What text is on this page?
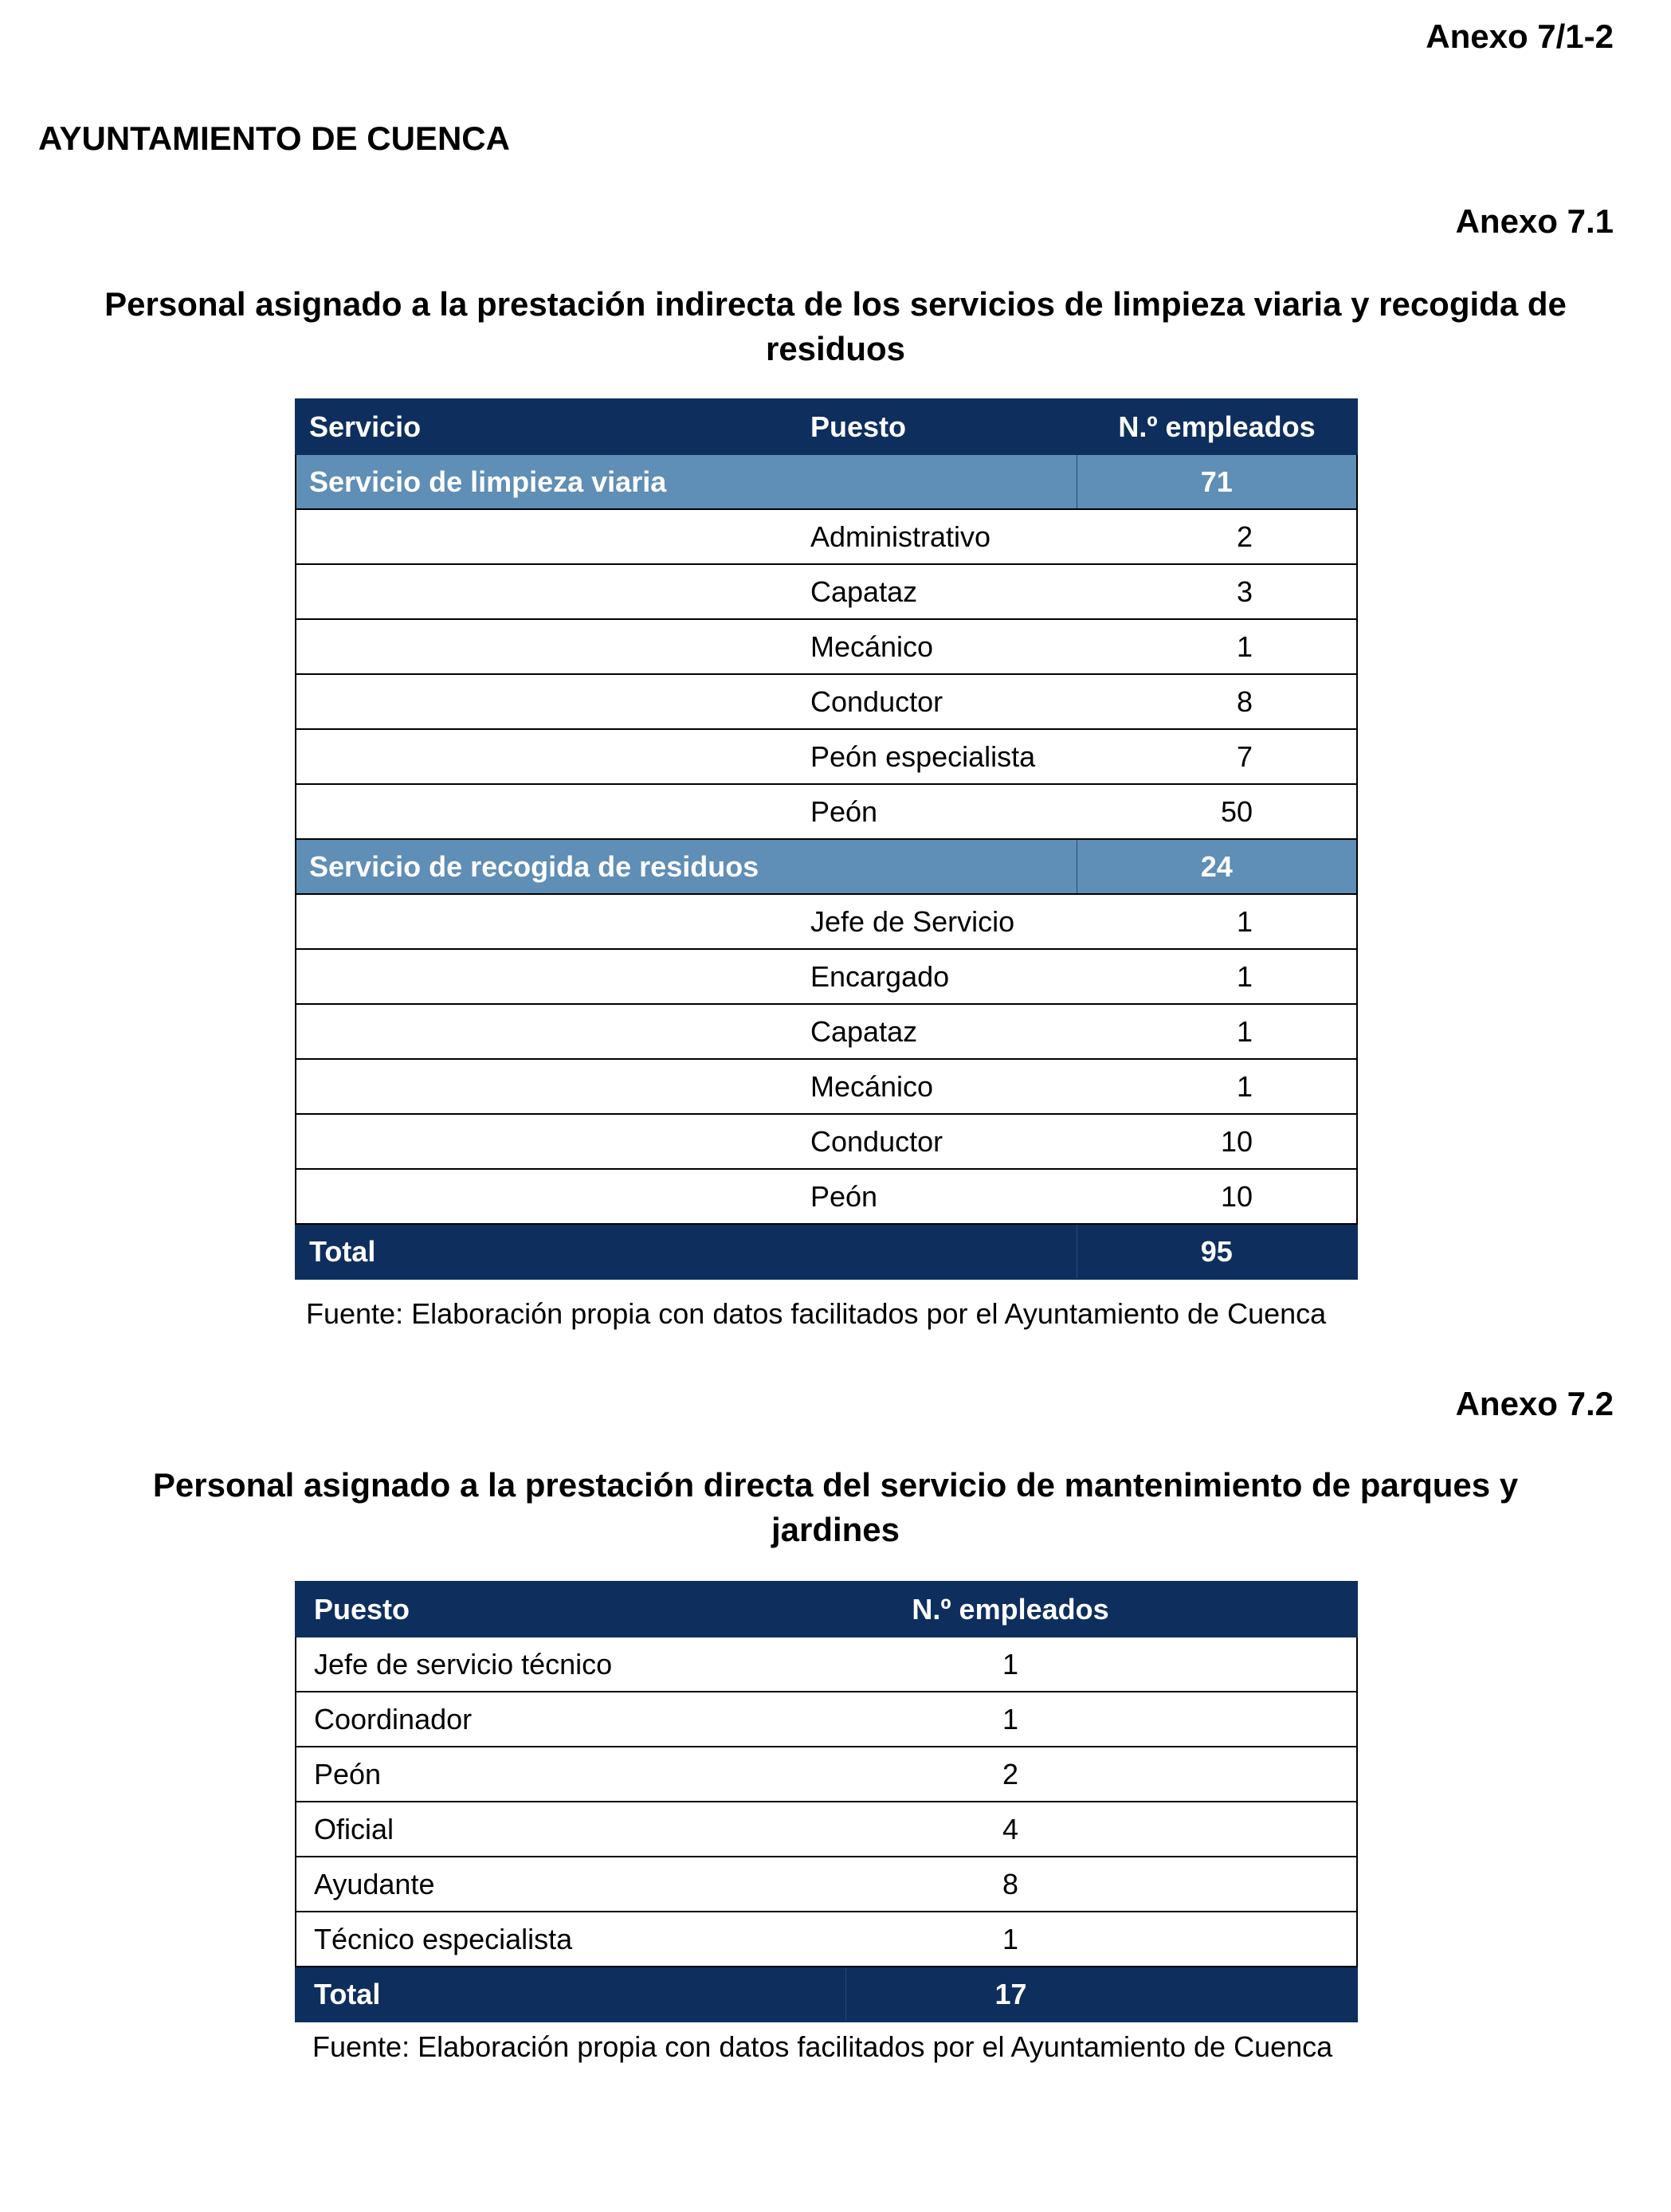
Anexo 7/1-2
AYUNTAMIENTO DE CUENCA
Anexo 7.1
Personal asignado a la prestación indirecta de los servicios de limpieza viaria y recogida de
residuos
Servicio	Puesto	N.º empleados
Servicio de limpieza viaria		71
	Administrativo	2
	Capataz	3
	Mecánico	1
	Conductor	8
	Peón especialista	7
	Peón	50
Servicio de recogida de residuos		24
	Jefe de Servicio	1
	Encargado	1
	Capataz	1
	Mecánico	1
	Conductor	10
	Peón	10
Total		95
Fuente: Elaboración propia con datos facilitados por el Ayuntamiento de Cuenca
Anexo 7.2
Personal asignado a la prestación directa del servicio de mantenimiento de parques y
jardines
Puesto	N.º empleados
Jefe de servicio técnico	1
Coordinador	1
Peón	2
Oficial	4
Ayudante	8
Técnico especialista	1
Total	17
Fuente: Elaboración propia con datos facilitados por el Ayuntamiento de Cuenca
